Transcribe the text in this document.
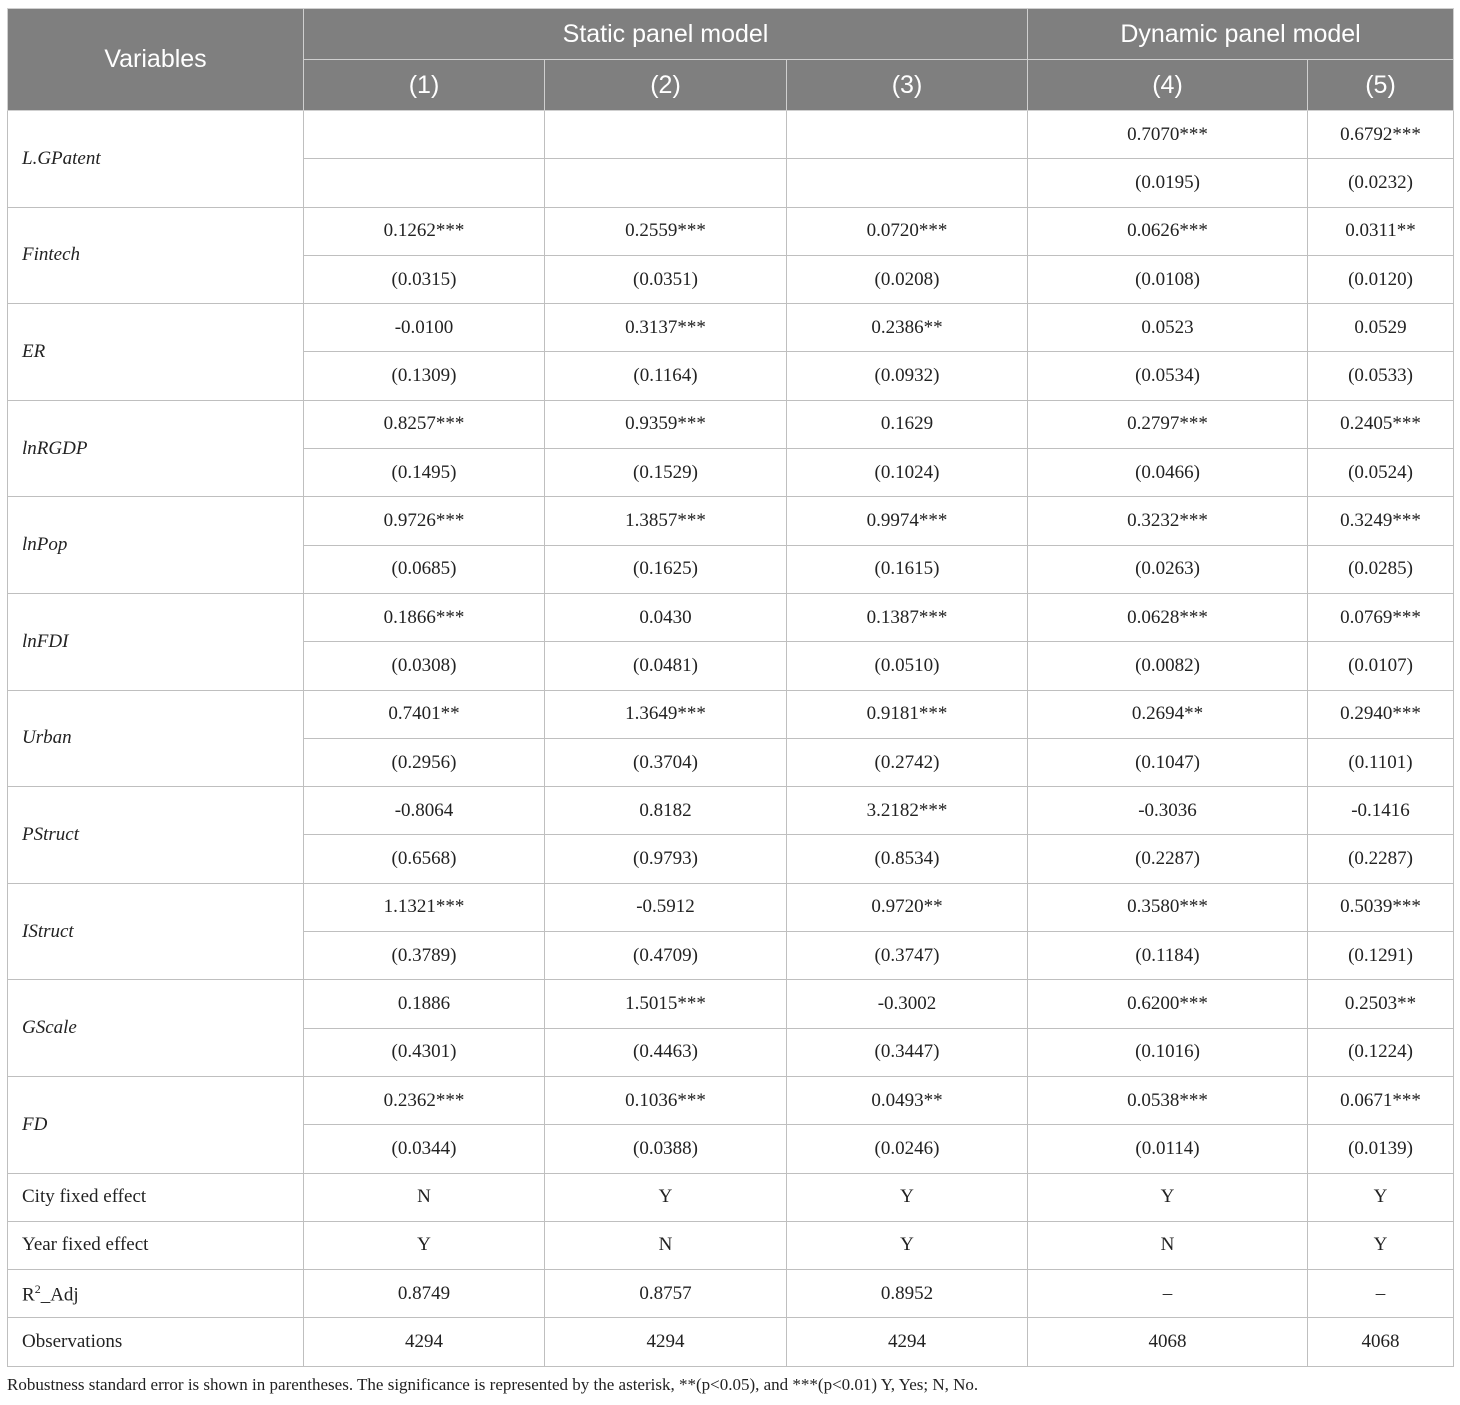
Variables	Static panel model			Dynamic panel model	
	(1)	(2)	(3)	(4)	(5)
L.GPatent				0.7070***	0.6792***
				(0.0195)	(0.0232)
Fintech	0.1262***	0.2559***	0.0720***	0.0626***	0.0311**
	(0.0315)	(0.0351)	(0.0208)	(0.0108)	(0.0120)
ER	-0.0100	0.3137***	0.2386**	0.0523	0.0529
	(0.1309)	(0.1164)	(0.0932)	(0.0534)	(0.0533)
lnRGDP	0.8257***	0.9359***	0.1629	0.2797***	0.2405***
	(0.1495)	(0.1529)	(0.1024)	(0.0466)	(0.0524)
lnPop	0.9726***	1.3857***	0.9974***	0.3232***	0.3249***
	(0.0685)	(0.1625)	(0.1615)	(0.0263)	(0.0285)
lnFDI	0.1866***	0.0430	0.1387***	0.0628***	0.0769***
	(0.0308)	(0.0481)	(0.0510)	(0.0082)	(0.0107)
Urban	0.7401**	1.3649***	0.9181***	0.2694**	0.2940***
	(0.2956)	(0.3704)	(0.2742)	(0.1047)	(0.1101)
PStruct	-0.8064	0.8182	3.2182***	-0.3036	-0.1416
	(0.6568)	(0.9793)	(0.8534)	(0.2287)	(0.2287)
IStruct	1.1321***	-0.5912	0.9720**	0.3580***	0.5039***
	(0.3789)	(0.4709)	(0.3747)	(0.1184)	(0.1291)
GScale	0.1886	1.5015***	-0.3002	0.6200***	0.2503**
	(0.4301)	(0.4463)	(0.3447)	(0.1016)	(0.1224)
FD	0.2362***	0.1036***	0.0493**	0.0538***	0.0671***
	(0.0344)	(0.0388)	(0.0246)	(0.0114)	(0.0139)
City fixed effect	N	Y	Y	Y	Y
Year fixed effect	Y	N	Y	N	Y
$R^2\_Adj$	0.8749	0.8757	0.8952	–	–
Observations	4294	4294	4294	4068	4068
Robustness standard error is shown in parentheses. The significance is represented by the asterisk, **(p<0.05), and ***(p<0.01) Y, Yes; N, No.
